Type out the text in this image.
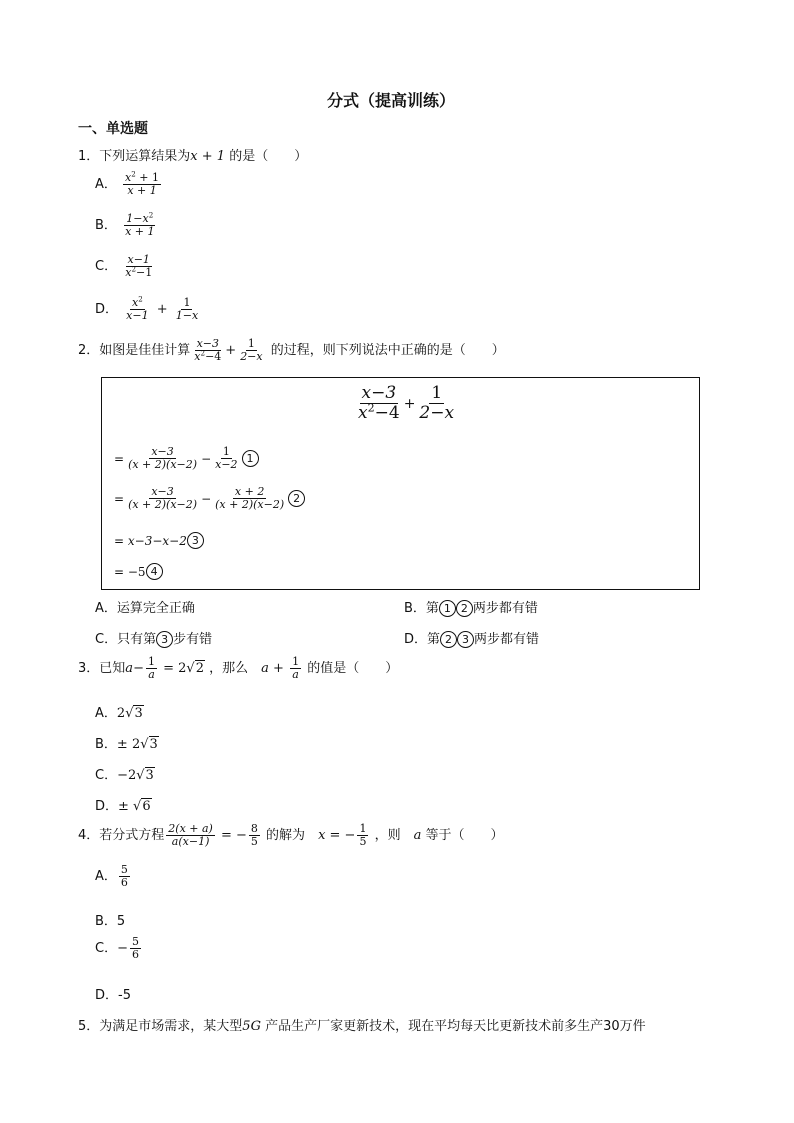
分式（提高训练）
一、单选题
1．下列运算结果为x + 1 的是（　　）
A． $\frac{x^2 + 1}{x + 1}$
B． $\frac{1-x^2}{x + 1}$
C． $\frac{x-1}{x^2-1}$
D． $\frac{x^2}{x-1} + \frac{1}{1-x}$
2．如图是佳佳计算 $\frac{x-3}{x^2-4} + \frac{1}{2-x}$ 的过程，则下列说法中正确的是（　　）
$\frac{x-3}{x^2-4} + \frac{1}{2-x}$
= $\frac{x-3}{(x + 2)(x-2)} - \frac{1}{x-2} 1$
= $\frac{x-3}{(x + 2)(x-2)} - \frac{x + 2}{(x + 2)(x-2)} 2$
= x−3−x−2 3
= −5 4
A．运算完全正确	B．第 1 2 两步都有错
C．只有第 3 步有错	D．第 2 3 两步都有错
3．已知$a- \frac{1}{a} = 2√2$ ，那么　$a + \frac{1}{a}$ 的值是（　　）
A．2√3
B．± 2√3
C．−2√3
D．± √6
4．若分式方程 $\frac{2(x + a)}{a(x-1)}$ = − $\frac{8}{5}$ 的解为　x = − $\frac{1}{5}$ ，则　a 等于（　　）
A． $\frac{5}{6}$
B．5
C．− $\frac{5}{6}$
D．-5
5．为满足市场需求，某大型5G 产品生产厂家更新技术，现在平均每天比更新技术前多生产30万件
